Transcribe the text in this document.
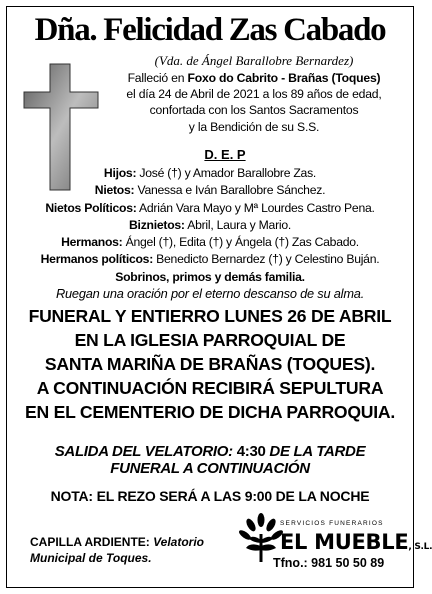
Dña. Felicidad Zas Cabado
(Vda. de Ángel Barallobre Bernardez)
Falleció en Foxo do Cabrito - Brañas (Toques)
el día 24 de Abril de 2021 a los 89 años de edad,
confortada con los Santos Sacramentos
y la Bendición de su S.S.
D. E. P
Hijos: José (†) y Amador Barallobre Zas.
Nietos: Vanessa e Iván Barallobre Sánchez.
Nietos Políticos: Adrián Vara Mayo y Mª Lourdes Castro Pena.
Biznietos: Abril, Laura y Mario.
Hermanos: Ángel (†), Edita (†) y Ángela (†) Zas Cabado.
Hermanos políticos: Benedicto Bernardez (†) y Celestino Buján.
Sobrinos, primos y demás familia.
Ruegan una oración por el eterno descanso de su alma.
FUNERAL Y ENTIERRO LUNES 26 DE ABRIL
EN LA IGLESIA PARROQUIAL DE
SANTA MARIÑA DE BRAÑAS (TOQUES).
A CONTINUACIÓN RECIBIRÁ SEPULTURA
EN EL CEMENTERIO DE DICHA PARROQUIA.
SALIDA DEL VELATORIO: 4:30 DE LA TARDE
FUNERAL A CONTINUACIÓN
NOTA: EL REZO SERÁ A LAS 9:00 DE LA NOCHE
CAPILLA ARDIENTE: Velatorio
Municipal de Toques.
SERVICIOS FUNERARIOS
EL MUEBLE, S.L.
Tfno.: 981 50 50 89
